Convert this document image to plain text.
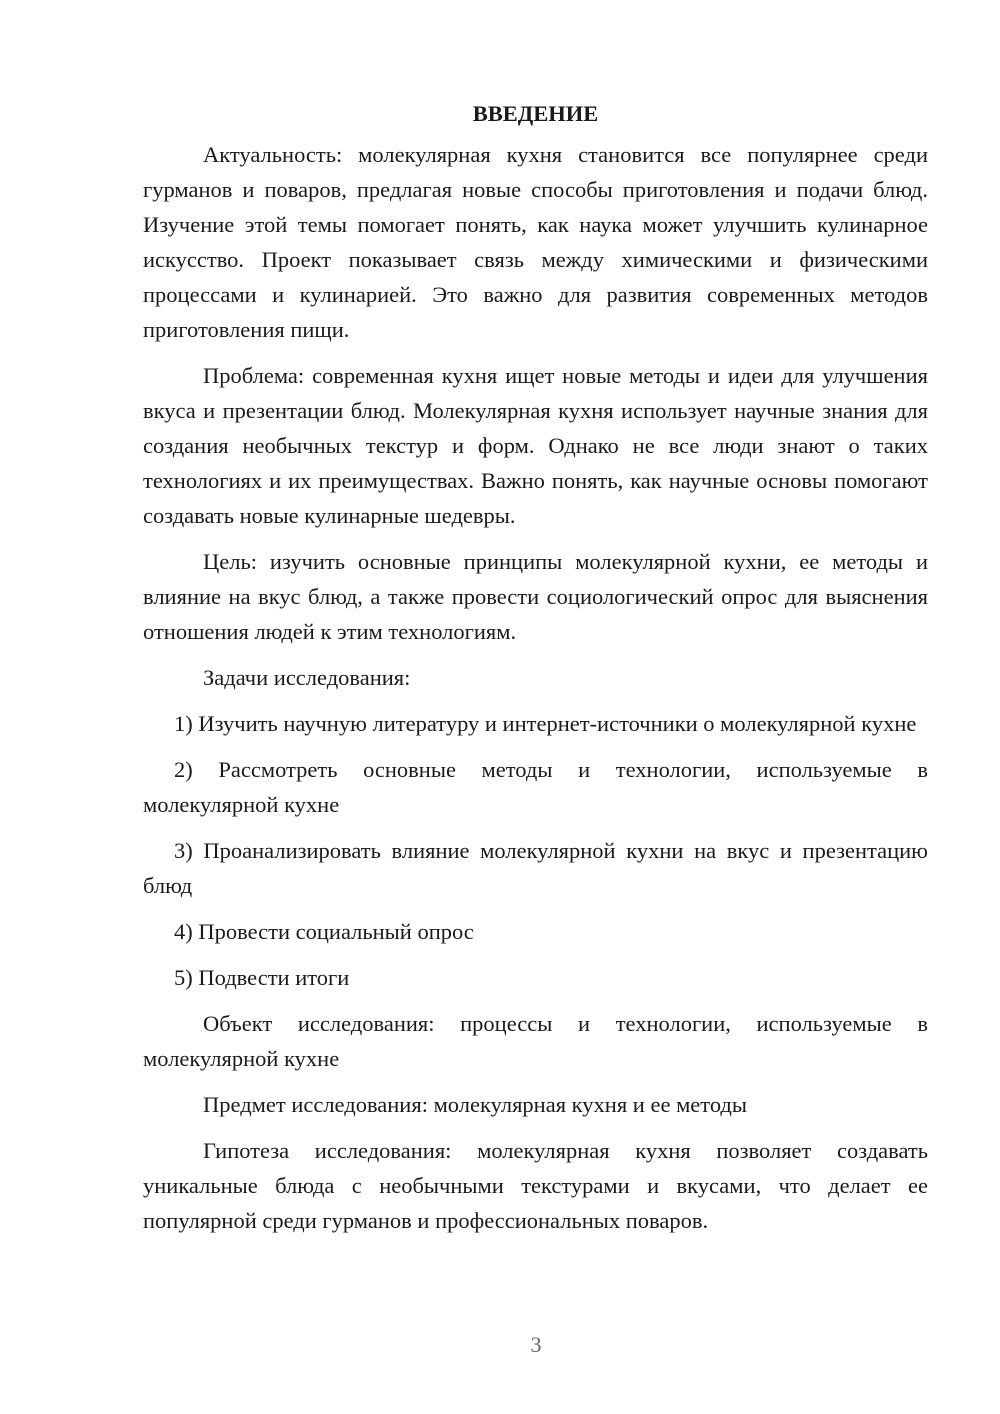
ВВЕДЕНИЕ

Актуальность: молекулярная кухня становится все популярнее среди гурманов и поваров, предлагая новые способы приготовления и подачи блюд. Изучение этой темы помогает понять, как наука может улучшить кулинарное искусство. Проект показывает связь между химическими и физическими процессами и кулинарией. Это важно для развития современных методов приготовления пищи.

Проблема: современная кухня ищет новые методы и идеи для улучшения вкуса и презентации блюд. Молекулярная кухня использует научные знания для создания необычных текстур и форм. Однако не все люди знают о таких технологиях и их преимуществах. Важно понять, как научные основы помогают создавать новые кулинарные шедевры.

Цель: изучить основные принципы молекулярной кухни, ее методы и влияние на вкус блюд, а также провести социологический опрос для выяснения отношения людей к этим технологиям.

Задачи исследования:

1) Изучить научную литературу и интернет-источники о молекулярной кухне

2) Рассмотреть основные методы и технологии, используемые в молекулярной кухне

3) Проанализировать влияние молекулярной кухни на вкус и презентацию блюд

4) Провести социальный опрос

5) Подвести итоги

Объект исследования: процессы и технологии, используемые в молекулярной кухне

Предмет исследования: молекулярная кухня и ее методы

Гипотеза исследования: молекулярная кухня позволяет создавать уникальные блюда с необычными текстурами и вкусами, что делает ее популярной среди гурманов и профессиональных поваров.

3
